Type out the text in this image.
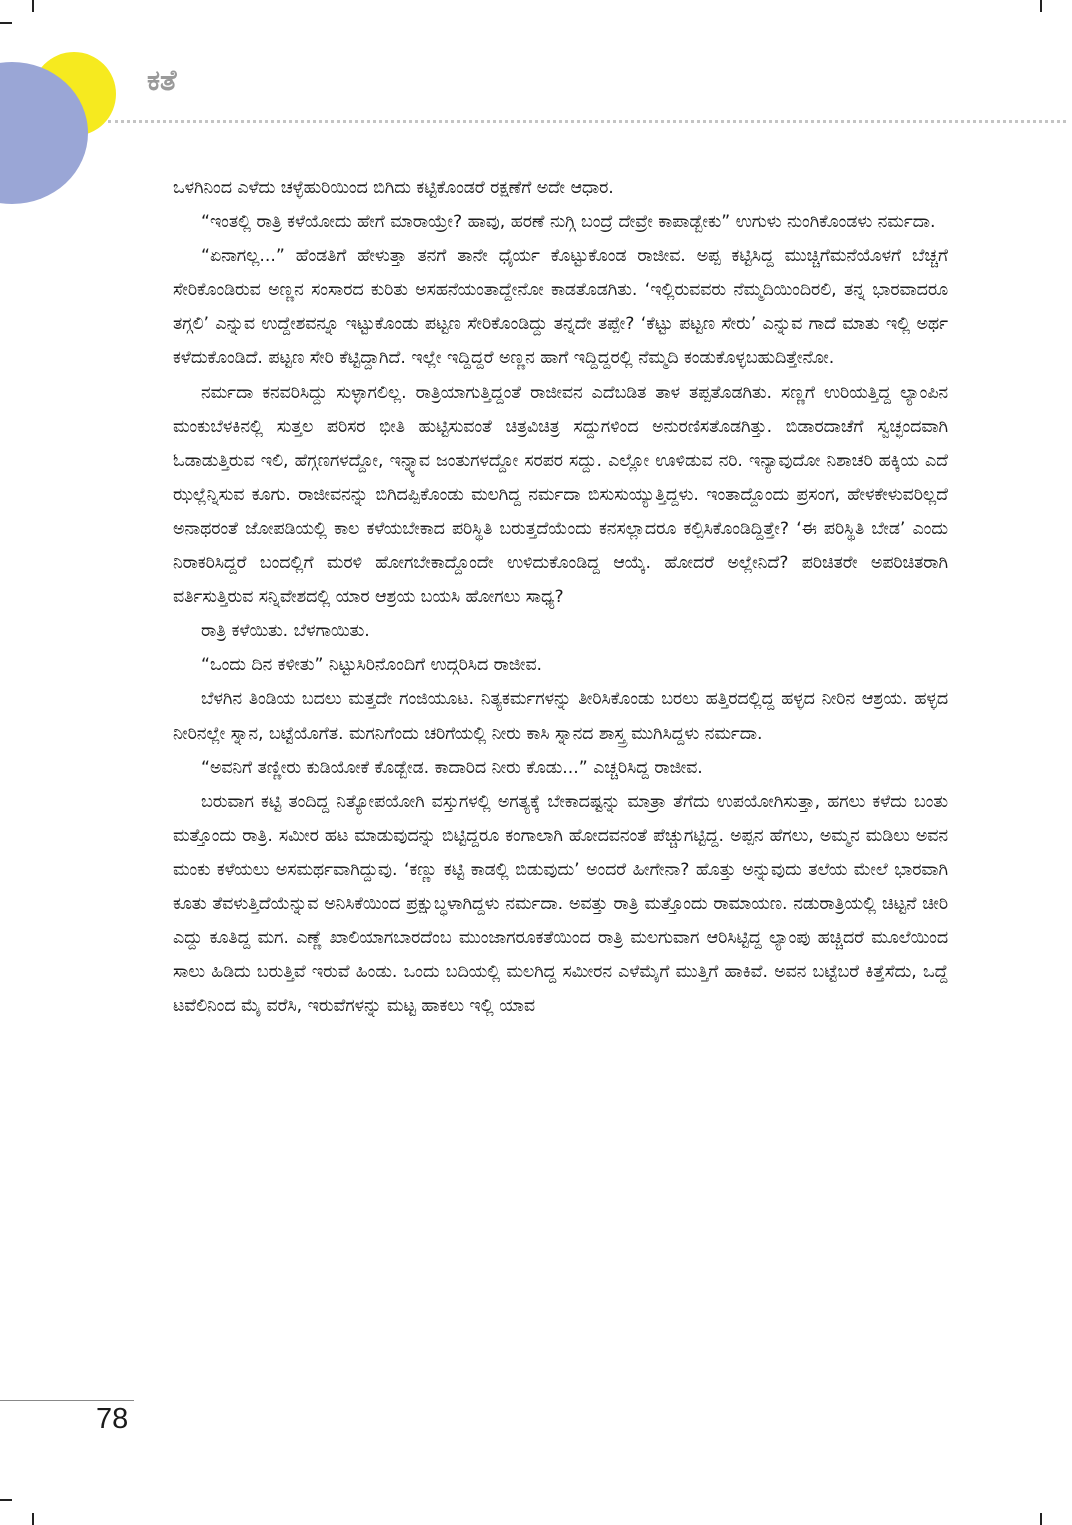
ಕತೆ

ಒಳಗಿನಿಂದ ಎಳೆದು ಚಳ್ಳೆಹುರಿಯಿಂದ ಬಿಗಿದು ಕಟ್ಟಿಕೊಂಡರೆ ರಕ್ಷಣೆಗೆ ಅದೇ ಆಧಾರ.

“ಇಂತಲ್ಲಿ ರಾತ್ರಿ ಕಳೆಯೋದು ಹೇಗೆ ಮಾರಾಯ್ರೇ? ಹಾವು, ಹರಣೆ ನುಗ್ಗಿ ಬಂದ್ರೆ ದೇವ್ರೇ ಕಾಪಾಡ್ಬೇಕು” ಉಗುಳು ನುಂಗಿಕೊಂಡಳು ನರ್ಮದಾ.

“ಏನಾಗಲ್ಲ...” ಹೆಂಡತಿಗೆ ಹೇಳುತ್ತಾ ತನಗೆ ತಾನೇ ಧೈರ್ಯ ಕೊಟ್ಟುಕೊಂಡ ರಾಜೀವ. ಅಪ್ಪ ಕಟ್ಟಿಸಿದ್ದ ಮುಚ್ಚಿಗೆಮನೆಯೊಳಗೆ ಬೆಚ್ಚಗೆ ಸೇರಿಕೊಂಡಿರುವ ಅಣ್ಣನ ಸಂಸಾರದ ಕುರಿತು ಅಸಹನೆಯಂತಾದ್ದೇನೋ ಕಾಡತೊಡಗಿತು. ‘ಇಲ್ಲಿರುವವರು ನೆಮ್ಮದಿಯಿಂದಿರಲಿ, ತನ್ನ ಭಾರವಾದರೂ ತಗ್ಗಲಿ’ ಎನ್ನುವ ಉದ್ದೇಶವನ್ನೂ ಇಟ್ಟುಕೊಂಡು ಪಟ್ಟಣ ಸೇರಿಕೊಂಡಿದ್ದು ತನ್ನದೇ ತಪ್ಪೇ? ‘ಕೆಟ್ಟು ಪಟ್ಟಣ ಸೇರು’ ಎನ್ನುವ ಗಾದೆ ಮಾತು ಇಲ್ಲಿ ಅರ್ಥ ಕಳೆದುಕೊಂಡಿದೆ. ಪಟ್ಟಣ ಸೇರಿ ಕೆಟ್ಟಿದ್ದಾಗಿದೆ. ಇಲ್ಲೇ ಇದ್ದಿದ್ದರೆ ಅಣ್ಣನ ಹಾಗೆ ಇದ್ದಿದ್ದರಲ್ಲಿ ನೆಮ್ಮದಿ ಕಂಡುಕೊಳ್ಳಬಹುದಿತ್ತೇನೋ.

ನರ್ಮದಾ ಕನವರಿಸಿದ್ದು ಸುಳ್ಳಾಗಲಿಲ್ಲ. ರಾತ್ರಿಯಾಗುತ್ತಿದ್ದಂತೆ ರಾಜೀವನ ಎದೆಬಡಿತ ತಾಳ ತಪ್ಪತೊಡಗಿತು. ಸಣ್ಣಗೆ ಉರಿಯತ್ತಿದ್ದ ಲ್ಯಾಂಪಿನ ಮಂಕುಬೆಳಕಿನಲ್ಲಿ ಸುತ್ತಲ ಪರಿಸರ ಭೀತಿ ಹುಟ್ಟಿಸುವಂತೆ ಚಿತ್ರವಿಚಿತ್ರ ಸದ್ದುಗಳಿಂದ ಅನುರಣಿಸತೊಡಗಿತ್ತು. ಬಿಡಾರದಾಚೆಗೆ ಸ್ವಚ್ಛಂದವಾಗಿ ಓಡಾಡುತ್ತಿರುವ ಇಲಿ, ಹೆಗ್ಗಣಗಳದ್ದೋ, ಇನ್ನ್ಯಾವ ಜಂತುಗಳದ್ದೋ ಸರಪರ ಸದ್ದು. ಎಲ್ಲೋ ಊಳಿಡುವ ನರಿ. ಇನ್ಯಾವುದೋ ನಿಶಾಚರಿ ಹಕ್ಕಿಯ ಎದೆ ಝಲ್ಲೆನ್ನಿಸುವ ಕೂಗು. ರಾಜೀವನನ್ನು ಬಿಗಿದಪ್ಪಿಕೊಂಡು ಮಲಗಿದ್ದ ನರ್ಮದಾ ಬಿಸುಸುಯ್ಯುತ್ತಿದ್ದಳು. ಇಂತಾದ್ದೊಂದು ಪ್ರಸಂಗ, ಹೇಳಕೇಳುವರಿಲ್ಲದೆ ಅನಾಥರಂತೆ ಜೋಪಡಿಯಲ್ಲಿ ಕಾಲ ಕಳೆಯಬೇಕಾದ ಪರಿಸ್ಥಿತಿ ಬರುತ್ತದೆಯೆಂದು ಕನಸಲ್ಲಾದರೂ ಕಲ್ಪಿಸಿಕೊಂಡಿದ್ದಿತ್ತೇ? ‘ಈ ಪರಿಸ್ಥಿತಿ ಬೇಡ’ ಎಂದು ನಿರಾಕರಿಸಿದ್ದರೆ ಬಂದಲ್ಲಿಗೆ ಮರಳಿ ಹೋಗಬೇಕಾದ್ದೊಂದೇ ಉಳಿದುಕೊಂಡಿದ್ದ ಆಯ್ಕೆ. ಹೋದರೆ ಅಲ್ಲೇನಿದೆ? ಪರಿಚಿತರೇ ಅಪರಿಚಿತರಾಗಿ ವರ್ತಿಸುತ್ತಿರುವ ಸನ್ನಿವೇಶದಲ್ಲಿ ಯಾರ ಆಶ್ರಯ ಬಯಸಿ ಹೋಗಲು ಸಾಧ್ಯ?

ರಾತ್ರಿ ಕಳೆಯಿತು. ಬೆಳಗಾಯಿತು.

“ಒಂದು ದಿನ ಕಳೀತು” ನಿಟ್ಟುಸಿರಿನೊಂದಿಗೆ ಉದ್ಗರಿಸಿದ ರಾಜೀವ.

ಬೆಳಗಿನ ತಿಂಡಿಯ ಬದಲು ಮತ್ತದೇ ಗಂಜಿಯೂಟ. ನಿತ್ಯಕರ್ಮಗಳನ್ನು ತೀರಿಸಿಕೊಂಡು ಬರಲು ಹತ್ತಿರದಲ್ಲಿದ್ದ ಹಳ್ಳದ ನೀರಿನ ಆಶ್ರಯ. ಹಳ್ಳದ ನೀರಿನಲ್ಲೇ ಸ್ನಾನ, ಬಟ್ಟೆಯೊಗೆತ. ಮಗನಿಗೆಂದು ಚರಿಗೆಯಲ್ಲಿ ನೀರು ಕಾಸಿ ಸ್ನಾನದ ಶಾಸ್ತ್ರ ಮುಗಿಸಿದ್ದಳು ನರ್ಮದಾ.

“ಅವನಿಗೆ ತಣ್ಣೀರು ಕುಡಿಯೋಕೆ ಕೊಡ್ಬೇಡ. ಕಾದಾರಿದ ನೀರು ಕೊಡು...” ಎಚ್ಚರಿಸಿದ್ದ ರಾಜೀವ.

ಬರುವಾಗ ಕಟ್ಟಿ ತಂದಿದ್ದ ನಿತ್ಯೋಪಯೋಗಿ ವಸ್ತುಗಳಲ್ಲಿ ಅಗತ್ಯಕ್ಕೆ ಬೇಕಾದಷ್ಟನ್ನು ಮಾತ್ರಾ ತೆಗೆದು ಉಪಯೋಗಿಸುತ್ತಾ, ಹಗಲು ಕಳೆದು ಬಂತು ಮತ್ತೊಂದು ರಾತ್ರಿ. ಸಮೀರ ಹಟ ಮಾಡುವುದನ್ನು ಬಿಟ್ಟಿದ್ದರೂ ಕಂಗಾಲಾಗಿ ಹೋದವನಂತೆ ಪೆಚ್ಚುಗಟ್ಟಿದ್ದ. ಅಪ್ಪನ ಹೆಗಲು, ಅಮ್ಮನ ಮಡಿಲು ಅವನ ಮಂಕು ಕಳೆಯಲು ಅಸಮರ್ಥವಾಗಿದ್ದುವು. ‘ಕಣ್ಣು ಕಟ್ಟಿ ಕಾಡಲ್ಲಿ ಬಿಡುವುದು’ ಅಂದರೆ ಹೀಗೇನಾ? ಹೊತ್ತು ಅನ್ನುವುದು ತಲೆಯ ಮೇಲೆ ಭಾರವಾಗಿ ಕೂತು ತೆವಳುತ್ತಿದೆಯೆನ್ನುವ ಅನಿಸಿಕೆಯಿಂದ ಪ್ರಕ್ಷುಬ್ಧಳಾಗಿದ್ದಳು ನರ್ಮದಾ. ಅವತ್ತು ರಾತ್ರಿ ಮತ್ತೊಂದು ರಾಮಾಯಣ. ನಡುರಾತ್ರಿಯಲ್ಲಿ ಚಿಟ್ಟನೆ ಚೀರಿ ಎದ್ದು ಕೂತಿದ್ದ ಮಗ. ಎಣ್ಣೆ ಖಾಲಿಯಾಗಬಾರದೆಂಬ ಮುಂಜಾಗರೂಕತೆಯಿಂದ ರಾತ್ರಿ ಮಲಗುವಾಗ ಆರಿಸಿಟ್ಟಿದ್ದ ಲ್ಯಾಂಪು ಹಚ್ಚಿದರೆ ಮೂಲೆಯಿಂದ ಸಾಲು ಹಿಡಿದು ಬರುತ್ತಿವೆ ಇರುವೆ ಹಿಂಡು. ಒಂದು ಬದಿಯಲ್ಲಿ ಮಲಗಿದ್ದ ಸಮೀರನ ಎಳೆಮೈಗೆ ಮುತ್ತಿಗೆ ಹಾಕಿವೆ. ಅವನ ಬಟ್ಟೆಬರೆ ಕಿತ್ತೆಸೆದು, ಒದ್ದೆ ಟವೆಲಿನಿಂದ ಮೈ ವರೆಸಿ, ಇರುವೆಗಳನ್ನು ಮಟ್ಟ ಹಾಕಲು ಇಲ್ಲಿ ಯಾವ

78
